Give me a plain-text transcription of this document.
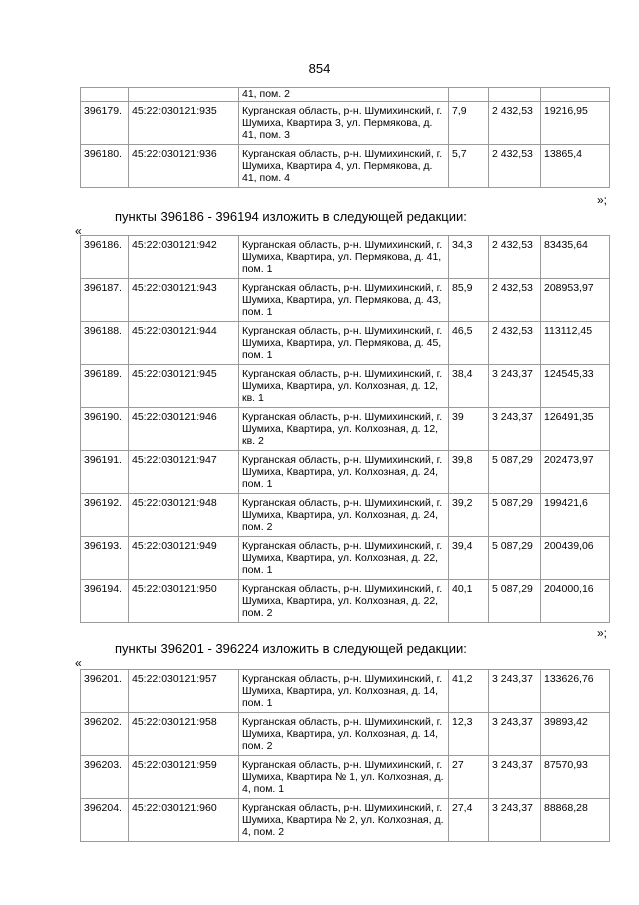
854
		41, пом. 2			
396179.	45:22:030121:935	Курганская область, р-н. Шумихинский, г. Шумиха, Квартира 3, ул. Пермякова, д. 41, пом. 3	7,9	2 432,53	19216,95
396180.	45:22:030121:936	Курганская область, р-н. Шумихинский, г. Шумиха, Квартира 4, ул. Пермякова, д. 41, пом. 4	5,7	2 432,53	13865,4
»;
пункты 396186 - 396194 изложить в следующей редакции:
«
396186.	45:22:030121:942	Курганская область, р-н. Шумихинский, г. Шумиха, Квартира, ул. Пермякова, д. 41, пом. 1	34,3	2 432,53	83435,64
396187.	45:22:030121:943	Курганская область, р-н. Шумихинский, г. Шумиха, Квартира, ул. Пермякова, д. 43, пом. 1	85,9	2 432,53	208953,97
396188.	45:22:030121:944	Курганская область, р-н. Шумихинский, г. Шумиха, Квартира, ул. Пермякова, д. 45, пом. 1	46,5	2 432,53	113112,45
396189.	45:22:030121:945	Курганская область, р-н. Шумихинский, г. Шумиха, Квартира, ул. Колхозная, д. 12, кв. 1	38,4	3 243,37	124545,33
396190.	45:22:030121:946	Курганская область, р-н. Шумихинский, г. Шумиха, Квартира, ул. Колхозная, д. 12, кв. 2	39	3 243,37	126491,35
396191.	45:22:030121:947	Курганская область, р-н. Шумихинский, г. Шумиха, Квартира, ул. Колхозная, д. 24, пом. 1	39,8	5 087,29	202473,97
396192.	45:22:030121:948	Курганская область, р-н. Шумихинский, г. Шумиха, Квартира, ул. Колхозная, д. 24, пом. 2	39,2	5 087,29	199421,6
396193.	45:22:030121:949	Курганская область, р-н. Шумихинский, г. Шумиха, Квартира, ул. Колхозная, д. 22, пом. 1	39,4	5 087,29	200439,06
396194.	45:22:030121:950	Курганская область, р-н. Шумихинский, г. Шумиха, Квартира, ул. Колхозная, д. 22, пом. 2	40,1	5 087,29	204000,16
»;
пункты 396201 - 396224 изложить в следующей редакции:
«
396201.	45:22:030121:957	Курганская область, р-н. Шумихинский, г. Шумиха, Квартира, ул. Колхозная, д. 14, пом. 1	41,2	3 243,37	133626,76
396202.	45:22:030121:958	Курганская область, р-н. Шумихинский, г. Шумиха, Квартира, ул. Колхозная, д. 14, пом. 2	12,3	3 243,37	39893,42
396203.	45:22:030121:959	Курганская область, р-н. Шумихинский, г. Шумиха, Квартира № 1, ул. Колхозная, д. 4, пом. 1	27	3 243,37	87570,93
396204.	45:22:030121:960	Курганская область, р-н. Шумихинский, г. Шумиха, Квартира № 2, ул. Колхозная, д. 4, пом. 2	27,4	3 243,37	88868,28
